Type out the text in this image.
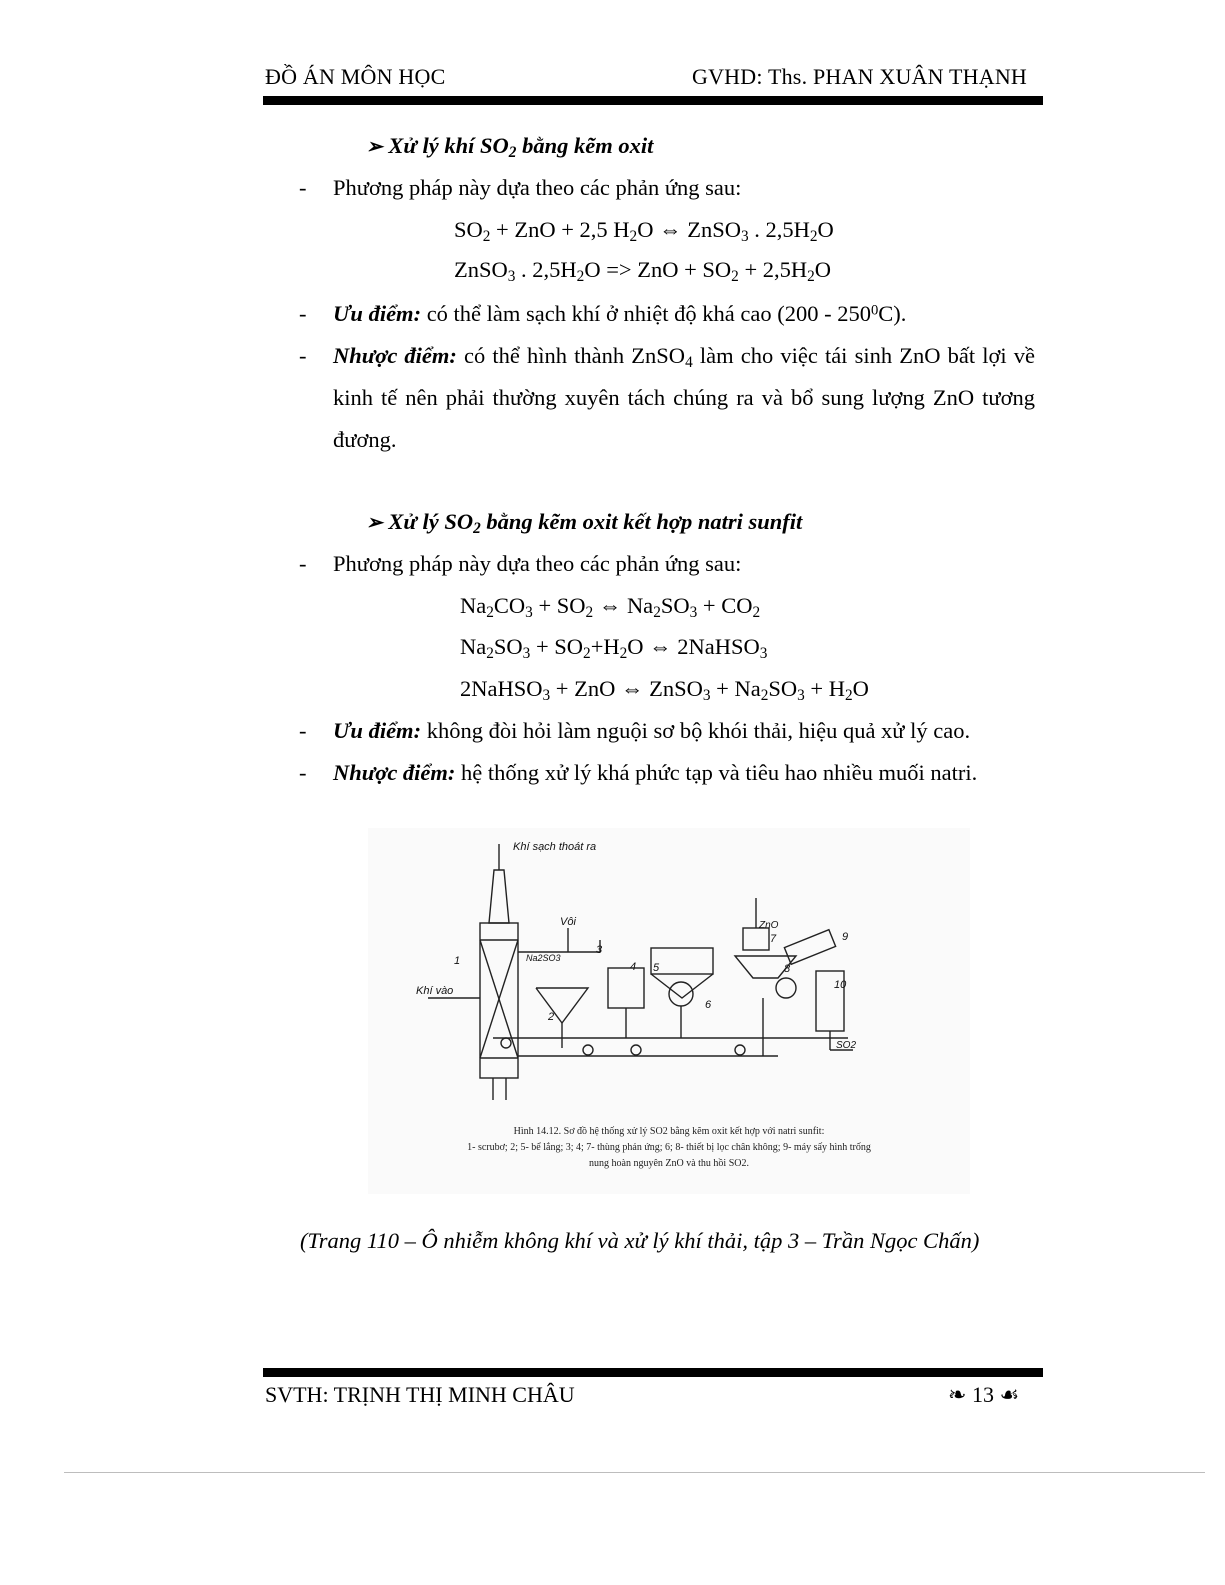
ĐỒ ÁN MÔN HỌC	GVHD: Ths. PHAN XUÂN THẠNH
➢ Xử lý khí $SO_2$ bằng kẽm oxit
- Phương pháp này dựa theo các phản ứng sau:
$SO_2$ + ZnO + 2,5 $H_2O$ ⇔ ZnSO$_3$ . $2,5H_2O$
ZnSO$_3$ . $2,5H_2O$ => ZnO + $SO_2 + 2,5H_2O$
- Ưu điểm: có thể làm sạch khí ở nhiệt độ khá cao $(200 - 250^0C)$.
- Nhược điểm: có thể hình thành ZnSO$_4$ làm cho việc tái sinh ZnO bất lợi về kinh tế nên phải thường xuyên tách chúng ra và bổ sung lượng ZnO tương đương.
➢ Xử lý $SO_2$ bằng kẽm oxit kết hợp natri sunfit
- Phương pháp này dựa theo các phản ứng sau:
$Na_2CO_3 + SO_2$ ⇔ $Na_2SO_3 + CO_2$
$Na_2SO_3 + SO_2+H_2O$ ⇔ 2NaHSO$_3$
2NaHSO$_3$ + ZnO ⇔ ZnSO$_3$ + $Na_2SO_3 + H_2O$
- Ưu điểm: không đòi hỏi làm nguội sơ bộ khói thải, hiệu quả xử lý cao.
- Nhược điểm: hệ thống xử lý khá phức tạp và tiêu hao nhiều muối natri.
Khí sạch thoát ra
Khí vào
Vôi
Na2SO3
ZnO
SO2
1
2
3
4 5
6
7
8
9
10
Hình 14.12. Sơ đồ hệ thống xử lý SO2 bằng kẽm oxit kết hợp với natri sunfit:
1- scrubơ; 2; 5- bể lắng; 3; 4; 7- thùng phản ứng; 6; 8- thiết bị lọc chân không; 9- máy sấy hình trống
nung hoàn nguyên ZnO và thu hồi SO2.
(Trang 110 – Ô nhiễm không khí và xử lý khí thải, tập 3 – Trần Ngọc Chấn)
SVTH: TRỊNH THỊ MINH CHÂU	❧ 13 ☙
